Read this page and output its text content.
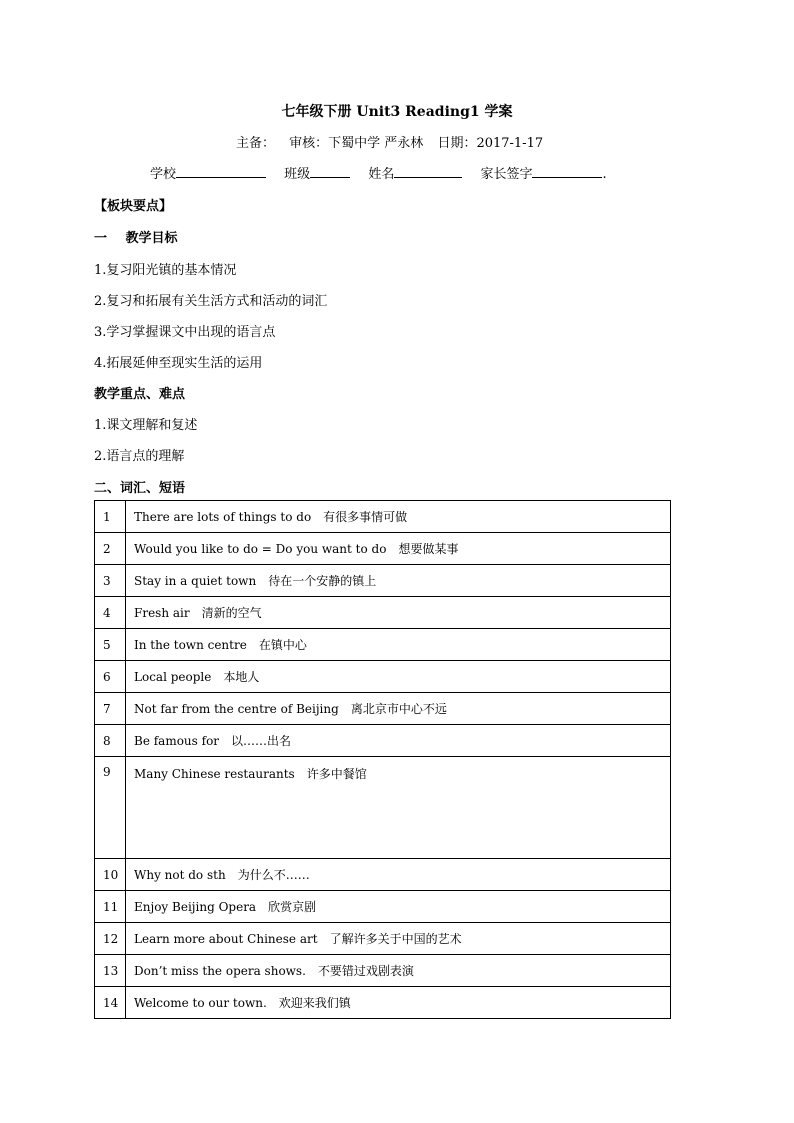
七年级下册 Unit3 Reading1 学案
主备： 审核：下蜀中学 严永林 日期：2017-1-17
学校	班级	姓名	家长签字	.
【板块要点】
一 教学目标
1.复习阳光镇的基本情况
2.复习和拓展有关生活方式和活动的词汇
3.学习掌握课文中出现的语言点
4.拓展延伸至现实生活的运用
教学重点、难点
1.课文理解和复述
2.语言点的理解
二、词汇、短语
1	There are lots of things to do 有很多事情可做
2	Would you like to do = Do you want to do 想要做某事
3	Stay in a quiet town 待在一个安静的镇上
4	Fresh air 清新的空气
5	In the town centre 在镇中心
6	Local people 本地人
7	Not far from the centre of Beijing 离北京市中心不远
8	Be famous for 以……出名
9	Many Chinese restaurants 许多中餐馆
10	Why not do sth 为什么不……
11	Enjoy Beijing Opera 欣赏京剧
12	Learn more about Chinese art 了解许多关于中国的艺术
13	Don’t miss the opera shows. 不要错过戏剧表演
14	Welcome to our town. 欢迎来我们镇
